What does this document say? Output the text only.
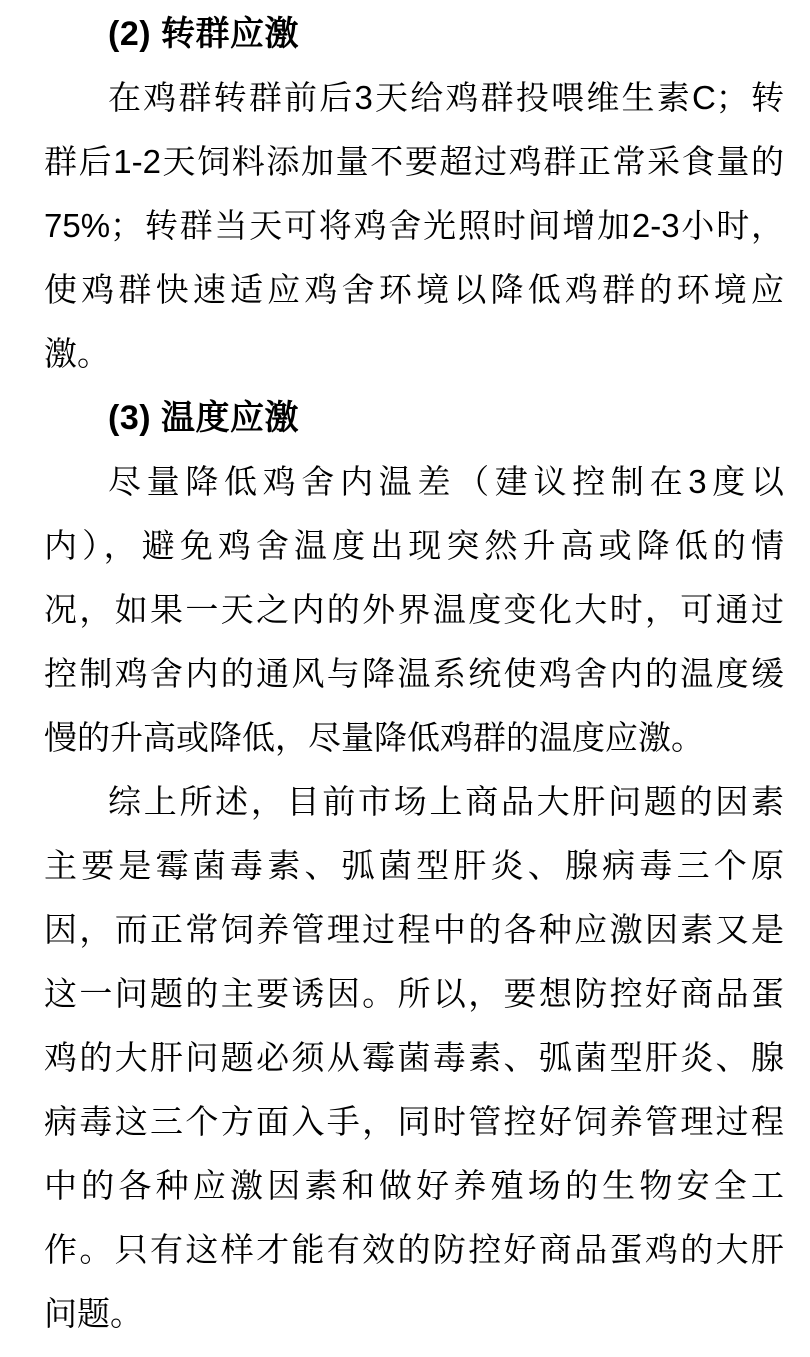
(2) 转群应激
在鸡群转群前后3天给鸡群投喂维生素C；转
群后1-2天饲料添加量不要超过鸡群正常采食量的
75%；转群当天可将鸡舍光照时间增加2-3小时，
使鸡群快速适应鸡舍环境以降低鸡群的环境应
激。
(3) 温度应激
尽量降低鸡舍内温差（建议控制在3度以
内），避免鸡舍温度出现突然升高或降低的情
况，如果一天之内的外界温度变化大时，可通过
控制鸡舍内的通风与降温系统使鸡舍内的温度缓
慢的升高或降低，尽量降低鸡群的温度应激。
综上所述，目前市场上商品大肝问题的因素
主要是霉菌毒素、弧菌型肝炎、腺病毒三个原
因，而正常饲养管理过程中的各种应激因素又是
这一问题的主要诱因。所以，要想防控好商品蛋
鸡的大肝问题必须从霉菌毒素、弧菌型肝炎、腺
病毒这三个方面入手，同时管控好饲养管理过程
中的各种应激因素和做好养殖场的生物安全工
作。只有这样才能有效的防控好商品蛋鸡的大肝
问题。
